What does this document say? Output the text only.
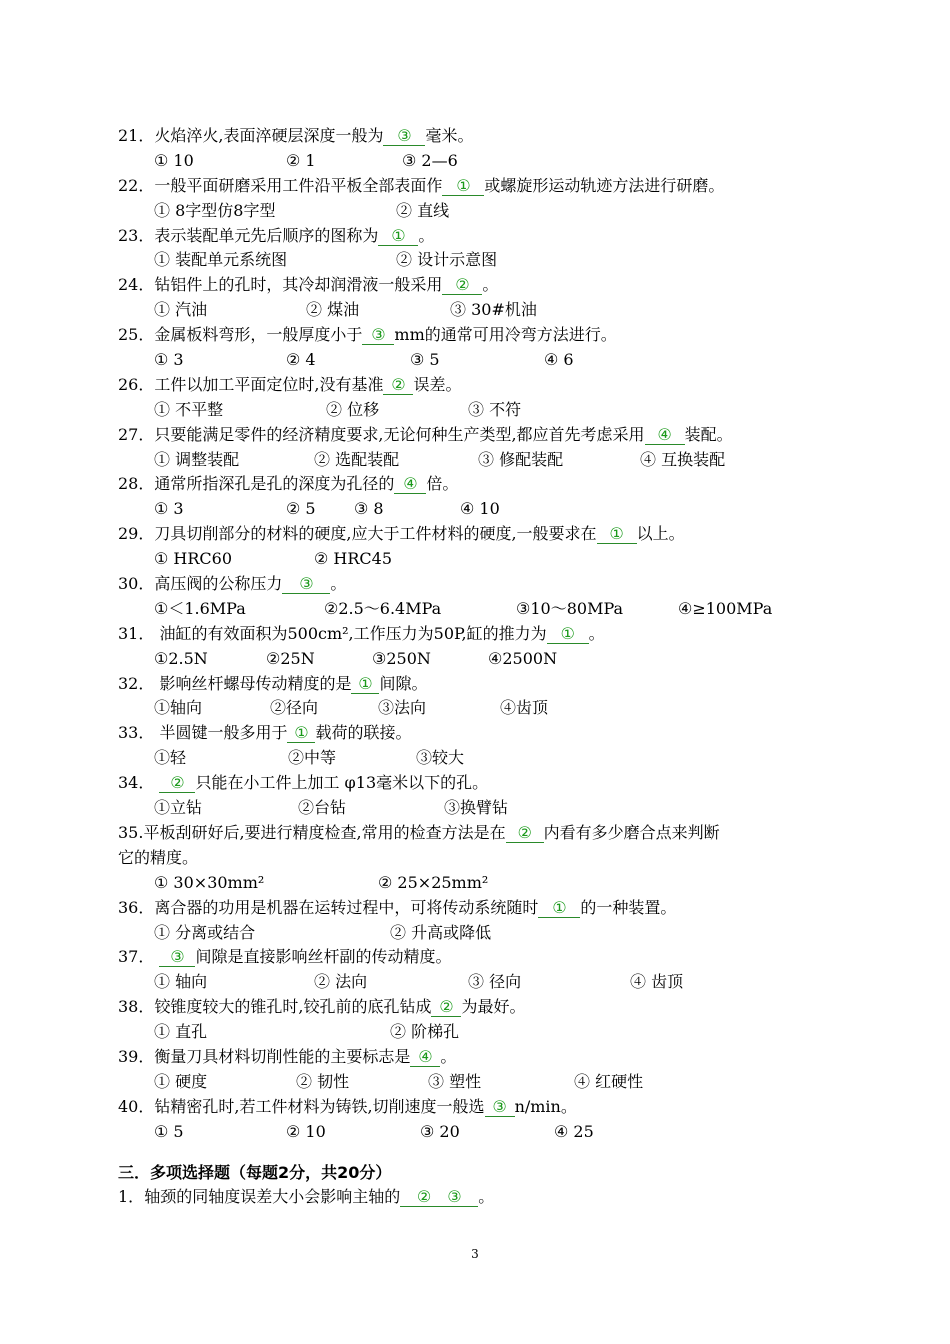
21．火焰淬火,表面淬硬层深度一般为 ③ 毫米。
① 10	② 1	③ 2—6
22．一般平面研磨采用工件沿平板全部表面作 ① 或螺旋形运动轨迹方法进行研磨。
① 8字型仿8字型	② 直线
23．表示装配单元先后顺序的图称为 ① 。
① 装配单元系统图	② 设计示意图
24．钻铝件上的孔时，其冷却润滑液一般采用 ② 。
① 汽油	② 煤油	③ 30#机油
25．金属板料弯形，一般厚度小于 ③ mm的通常可用冷弯方法进行。
① 3	② 4	③ 5	④ 6
26．工件以加工平面定位时,没有基准 ② 误差。
① 不平整	② 位移	③ 不符
27．只要能满足零件的经济精度要求,无论何种生产类型,都应首先考虑采用 ④ 装配。
① 调整装配	② 选配装配	③ 修配装配	④ 互换装配
28．通常所指深孔是孔的深度为孔径的 ④ 倍。
① 3	② 5 ③ 8	④ 10
29．刀具切削部分的材料的硬度,应大于工件材料的硬度,一般要求在 ① 以上。
① HRC60	② HRC45
30．高压阀的公称压力 ③ 。
①＜1.6MPa	②2.5～6.4MPa	③10～80MPa	④≥100MPa
31． 油缸的有效面积为500cm²,工作压力为50P,缸的推力为 ① 。
①2.5N	②25N	③250N	④2500N
32． 影响丝杆螺母传动精度的是 ① 间隙。
①轴向	②径向	③法向	④齿顶
33． 半圆键一般多用于 ① 载荷的联接。
①轻	②中等	③较大
34． ② 只能在小工件上加工 φ13毫米以下的孔。
①立钻	②台钻	③换臂钻
35.平板刮研好后,要进行精度检查,常用的检查方法是在 ② 内看有多少磨合点来判断
它的精度。
① 30×30mm²	② 25×25mm²
36．离合器的功用是机器在运转过程中，可将传动系统随时 ① 的一种装置。
① 分离或结合	② 升高或降低
37． ③ 间隙是直接影响丝杆副的传动精度。
① 轴向	② 法向	③ 径向	④ 齿顶
38．铰锥度较大的锥孔时,铰孔前的底孔钻成 ② 为最好。
① 直孔	② 阶梯孔
39．衡量刀具材料切削性能的主要标志是 ④ 。
① 硬度	② 韧性	③ 塑性	④ 红硬性
40．钻精密孔时,若工件材料为铸铁,切削速度一般选 ③ n/min。
① 5	② 10	③ 20	④ 25
三．多项选择题（每题2分，共20分）
1．轴颈的同轴度误差大小会影响主轴的 ②　③ 。
3
